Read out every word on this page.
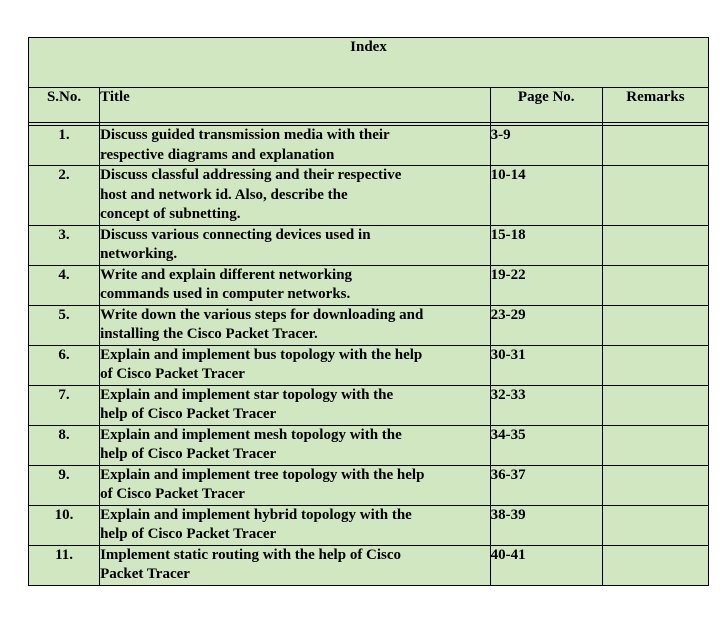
Index			
S.No.	Title	Page No.	Remarks

1.	Discuss guided transmission media with their
respective diagrams and explanation	3-9	
2.	Discuss classful addressing and their respective
host and network id. Also, describe the
concept of subnetting.	10-14	
3.	Discuss various connecting devices used in
networking.	15-18	
4.	Write and explain different networking
commands used in computer networks.	19-22	
5.	Write down the various steps for downloading and
installing the Cisco Packet Tracer.	23-29	
6.	Explain and implement bus topology with the help
of Cisco Packet Tracer	30-31	
7.	Explain and implement star topology with the
help of Cisco Packet Tracer	32-33	
8.	Explain and implement mesh topology with the
help of Cisco Packet Tracer	34-35	
9.	Explain and implement tree topology with the help
of Cisco Packet Tracer	36-37	
10.	Explain and implement hybrid topology with the
help of Cisco Packet Tracer	38-39	
11.	Implement static routing with the help of Cisco
Packet Tracer	40-41	
